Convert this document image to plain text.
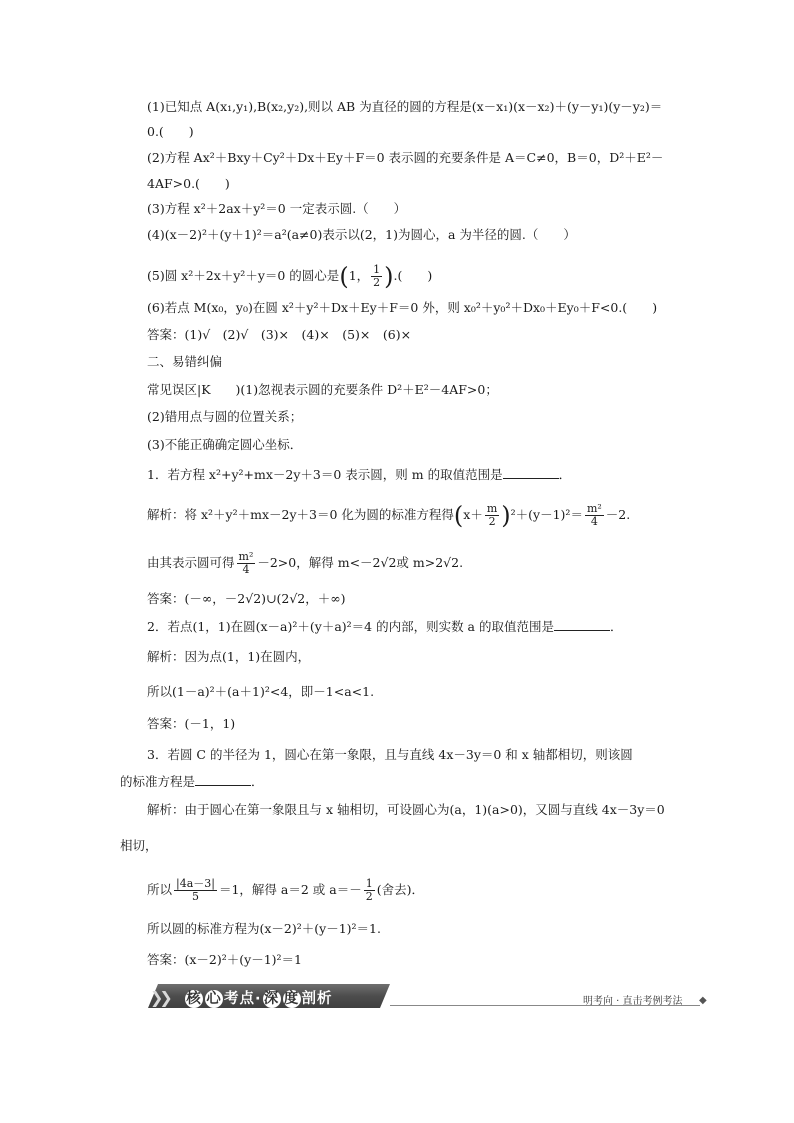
(1)已知点 A(x₁,y₁),B(x₂,y₂),则以 AB 为直径的圆的方程是(x－x₁)(x－x₂)＋(y－y₁)(y－y₂)＝
0.(　　)
(2)方程 Ax²＋Bxy＋Cy²＋Dx＋Ey＋F＝0 表示圆的充要条件是 A＝C≠0，B＝0，D²＋E²－
4AF>0.(　　)
(3)方程 x²＋2ax＋y²＝0 一定表示圆.（　　）
(4)(x－2)²＋(y＋1)²＝a²(a≠0)表示以(2，1)为圆心，a 为半径的圆.（　　）
(5)圆 x²＋2x＋y²＋y＝0 的圆心是(1， $\frac{1}{2}$ ).(　　)
(6)若点 M(x₀，y₀)在圆 x²＋y²＋Dx＋Ey＋F＝0 外，则 x₀²＋y₀²＋Dx₀＋Ey₀＋F<0.(　　)
答案：(1)√　(2)√　(3)×　(4)×　(5)×　(6)×
二、易错纠偏
常见误区|K　　)(1)忽视表示圆的充要条件 D²＋E²－4AF>0；
(2)错用点与圆的位置关系；
(3)不能正确确定圆心坐标．
1．若方程 x²+y²+mx－2y＋3＝0 表示圆，则 m 的取值范围是	．
解析：将 x²＋y²＋mx－2y＋3＝0 化为圆的标准方程得$(x+ \frac{m}{2} )^2+(y-1)^2= \frac{\text{m²}}{4} -2$.
由其表示圆可得 $\frac{\text{m²}}{4} -2>0$，解得 m<－2√2或 m>2√2.
答案：(－∞，－2√2)∪(2√2，＋∞)
2．若点(1，1)在圆(x－a)²＋(y＋a)²＝4 的内部，则实数 a 的取值范围是	．
解析：因为点(1，1)在圆内，
所以(1－a)²＋(a＋1)²<4，即－1<a<1.
答案：(－1，1)
3．若圆 C 的半径为 1，圆心在第一象限，且与直线 4x－3y＝0 和 x 轴都相切，则该圆
的标准方程是	．
解析：由于圆心在第一象限且与 x 轴相切，可设圆心为(a，1)(a>0)，又圆与直线 4x－3y＝0
相切，
所以 $\frac{|4a-3|}{5} =1$，解得 a＝2 或 $a=- \frac{1}{2}$ (舍去)．
所以圆的标准方程为(x－2)²＋(y－1)²＝1.
答案：(x－2)²＋(y－1)²＝1
❯❯ 核 心 考点· 深 度 剖析	明考向 · 直击考例考法 ◆
